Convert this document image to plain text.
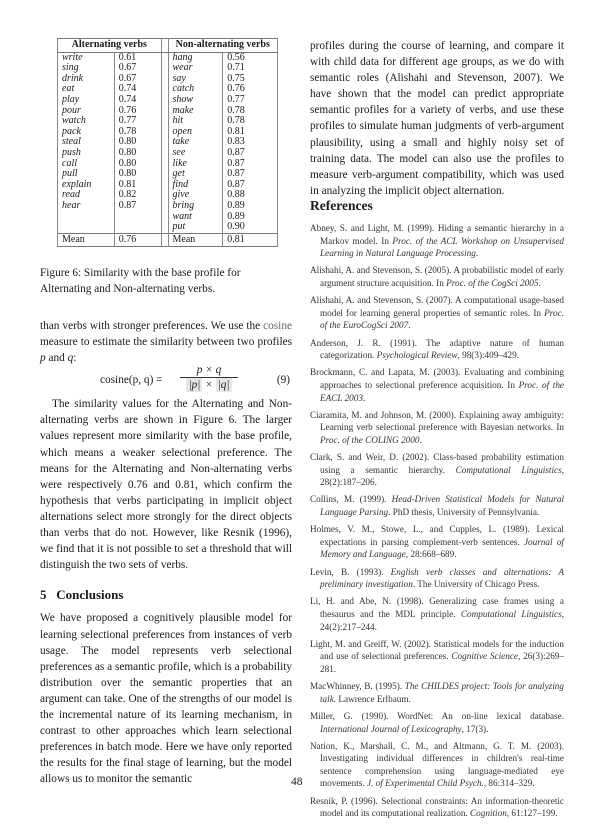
Alternating verbs			Non-alternating verbs	
write	0.61		hang	0.56
sing	0.67		wear	0.71
drink	0.67		say	0.75
eat	0.74		catch	0.76
play	0.74		show	0.77
pour	0.76		make	0.78
watch	0.77		hit	0.78
pack	0.78		open	0.81
steal	0.80		take	0.83
push	0.80		see	0.87
call	0.80		like	0.87
pull	0.80		get	0.87
explain	0.81		find	0.87
read	0.82		give	0.88
hear	0.87		bring	0.89
			want	0.89
			put	0.90
Mean	0.76		Mean	0.81
Figure 6: Similarity with the base profile for Alternating and Non-alternating verbs.

than verbs with stronger preferences. We use the cosine measure to estimate the similarity between two profiles p and q:

cosine(p, $q) = \frac{p \times q}{|p| \times |q|}$	(9)

The similarity values for the Alternating and Non-alternating verbs are shown in Figure 6. The larger values represent more similarity with the base profile, which means a weaker selectional preference. The means for the Alternating and Non-alternating verbs were respectively 0.76 and 0.81, which confirm the hypothesis that verbs participating in implicit object alternations select more strongly for the direct objects than verbs that do not. However, like Resnik (1996), we find that it is not possible to set a threshold that will distinguish the two sets of verbs.

5   Conclusions

We have proposed a cognitively plausible model for learning selectional preferences from instances of verb usage. The model represents verb selectional preferences as a semantic profile, which is a probability distribution over the semantic properties that an argument can take. One of the strengths of our model is the incremental nature of its learning mechanism, in contrast to other approaches which learn selectional preferences in batch mode. Here we have only reported the results for the final stage of learning, but the model allows us to monitor the semantic

profiles during the course of learning, and compare it with child data for different age groups, as we do with semantic roles (Alishahi and Stevenson, 2007). We have shown that the model can predict appropriate semantic profiles for a variety of verbs, and use these profiles to simulate human judgments of verb-argument plausibility, using a small and highly noisy set of training data. The model can also use the profiles to measure verb-argument compatibility, which was used in analyzing the implicit object alternation.

References

Abney, S. and Light, M. (1999). Hiding a semantic hierarchy in a Markov model. In Proc. of the ACL Workshop on Unsupervised Learning in Natural Language Processing.

Alishahi, A. and Stevenson, S. (2005). A probabilistic model of early argument structure acquisition. In Proc. of the CogSci 2005.

Alishahi, A. and Stevenson, S. (2007). A computational usage-based model for learning general properties of semantic roles. In Proc. of the EuroCogSci 2007.

Anderson, J. R. (1991). The adaptive nature of human categorization. Psychological Review, 98(3):409–429.

Brockmann, C. and Lapata, M. (2003). Evaluating and combining approaches to selectional preference acquisition. In Proc. of the EACL 2003.

Ciaramita, M. and Johnson, M. (2000). Explaining away ambiguity: Learning verb selectional preference with Bayesian networks. In Proc. of the COLING 2000.

Clark, S. and Weir, D. (2002). Class-based probability estimation using a semantic hierarchy. Computational Linguistics, 28(2):187–206.

Collins, M. (1999). Head-Driven Statistical Models for Natural Language Parsing. PhD thesis, University of Pennsylvania.

Holmes, V. M., Stowe, L., and Cupples, L. (1989). Lexical expectations in parsing complement-verb sentences. Journal of Memory and Language, 28:668–689.

Levin, B. (1993). English verb classes and alternations: A preliminary investigation. The University of Chicago Press.

Li, H. and Abe, N. (1998). Generalizing case frames using a thesaurus and the MDL principle. Computational Linguistics, 24(2):217–244.

Light, M. and Greiff, W. (2002). Statistical models for the induction and use of selectional preferences. Cognitive Science, 26(3):269–281.

MacWhinney, B. (1995). The CHILDES project: Tools for analyzing talk. Lawrence Erlbaum.

Miller, G. (1990). WordNet: An on-line lexical database. International Journal of Lexicography, 17(3).

Nation, K., Marshall, C. M., and Altmann, G. T. M. (2003). Investigating individual differences in children's real-time sentence comprehension using language-mediated eye movements. J. of Experimental Child Psych., 86:314–329.

Resnik, P. (1996). Selectional constraints: An information-theoretic model and its computational realization. Cognition, 61:127–199.

48
